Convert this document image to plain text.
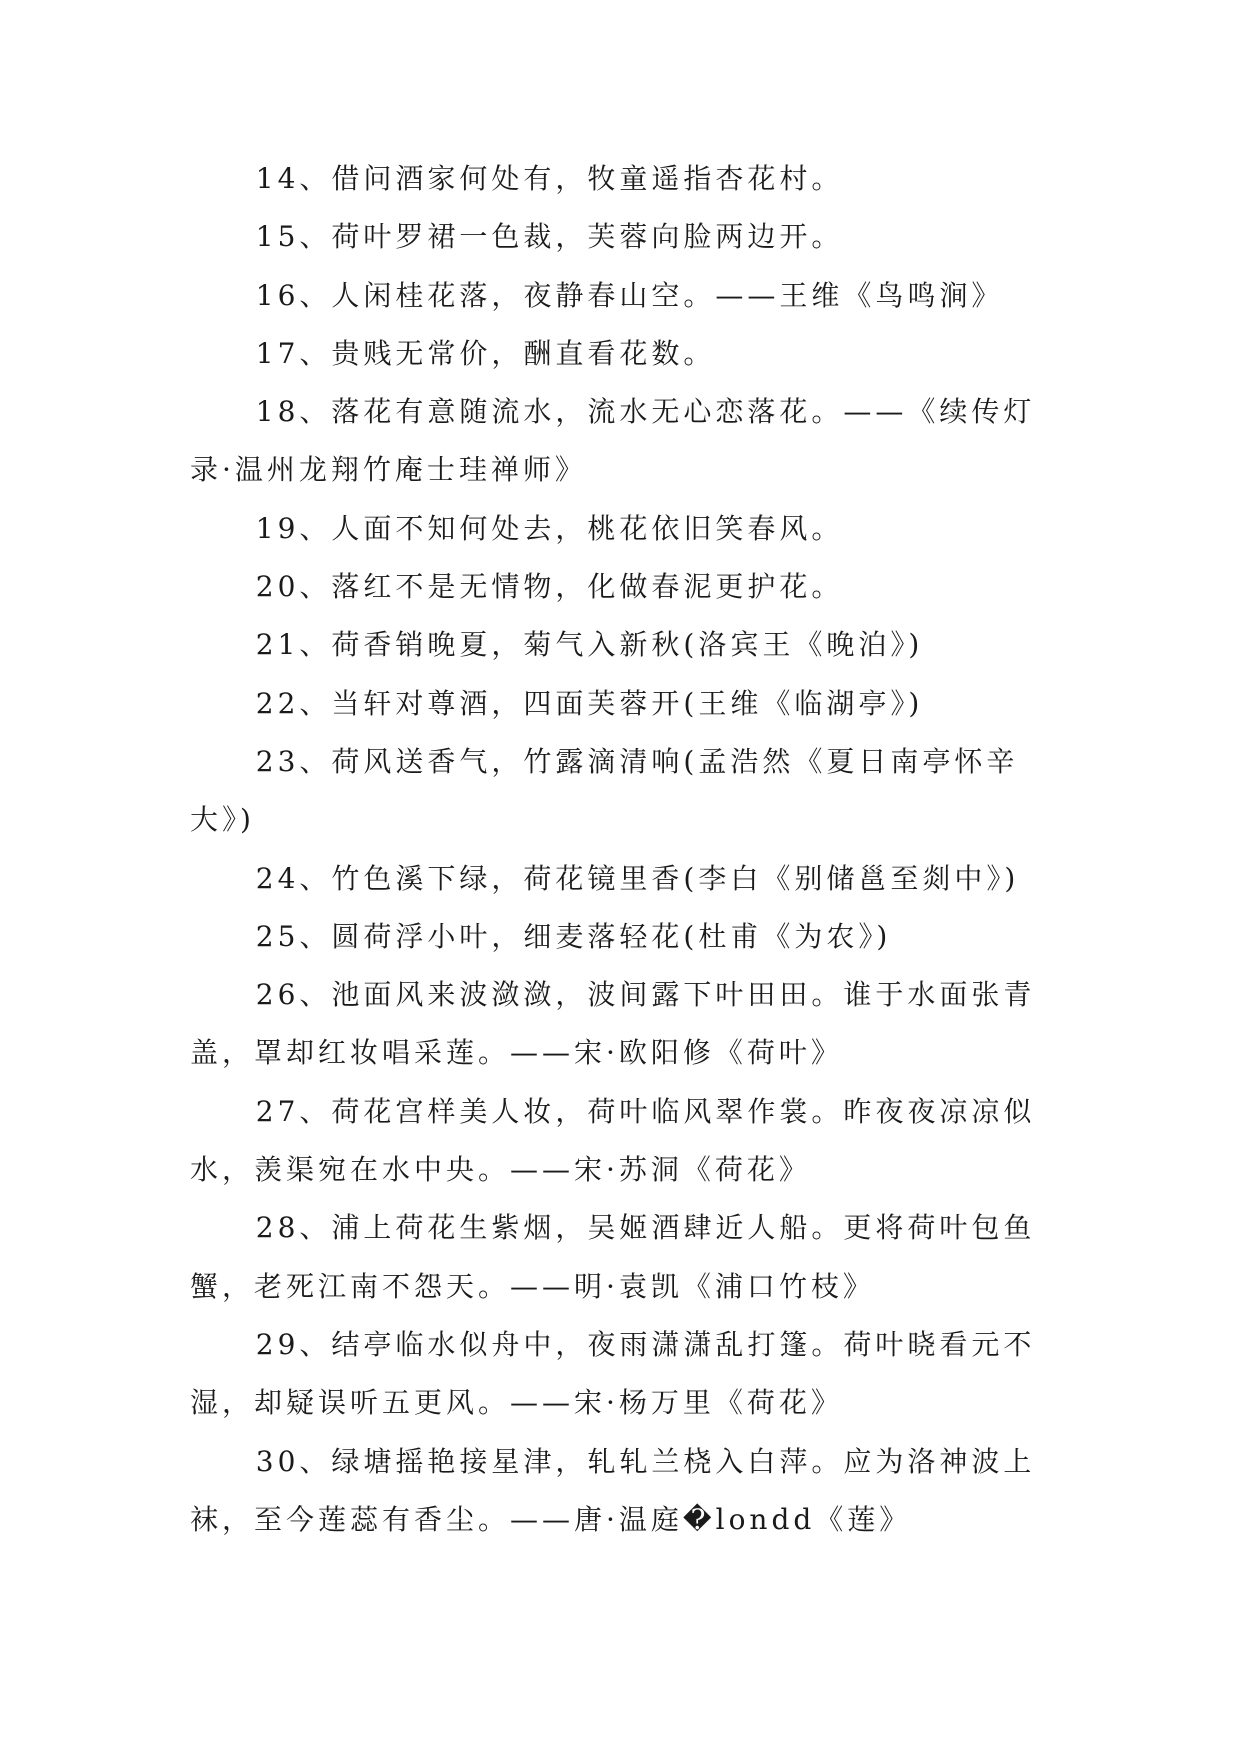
14、借问酒家何处有，牧童遥指杏花村。

15、荷叶罗裙一色裁，芙蓉向脸两边开。

16、人闲桂花落，夜静春山空。——王维《鸟鸣涧》

17、贵贱无常价，酬直看花数。

18、落花有意随流水，流水无心恋落花。——《续传灯录·温州龙翔竹庵士珪禅师》

19、人面不知何处去，桃花依旧笑春风。

20、落红不是无情物，化做春泥更护花。

21、荷香销晚夏，菊气入新秋(洛宾王《晚泊》)

22、当轩对尊酒，四面芙蓉开(王维《临湖亭》)

23、荷风送香气，竹露滴清响(孟浩然《夏日南亭怀辛大》)

24、竹色溪下绿，荷花镜里香(李白《别储邕至剡中》)

25、圆荷浮小叶，细麦落轻花(杜甫《为农》)

26、池面风来波潋潋，波间露下叶田田。谁于水面张青盖，罩却红妆唱采莲。——宋·欧阳修《荷叶》

27、荷花宫样美人妆，荷叶临风翠作裳。昨夜夜凉凉似水，羡渠宛在水中央。——宋·苏洞《荷花》

28、浦上荷花生紫烟，吴姬酒肆近人船。更将荷叶包鱼蟹，老死江南不怨天。——明·袁凯《浦口竹枝》

29、结亭临水似舟中，夜雨潇潇乱打篷。荷叶晓看元不湿，却疑误听五更风。——宋·杨万里《荷花》

30、绿塘摇艳接星津，轧轧兰桡入白萍。应为洛神波上袜，至今莲蕊有香尘。——唐·温庭�londd《莲》
